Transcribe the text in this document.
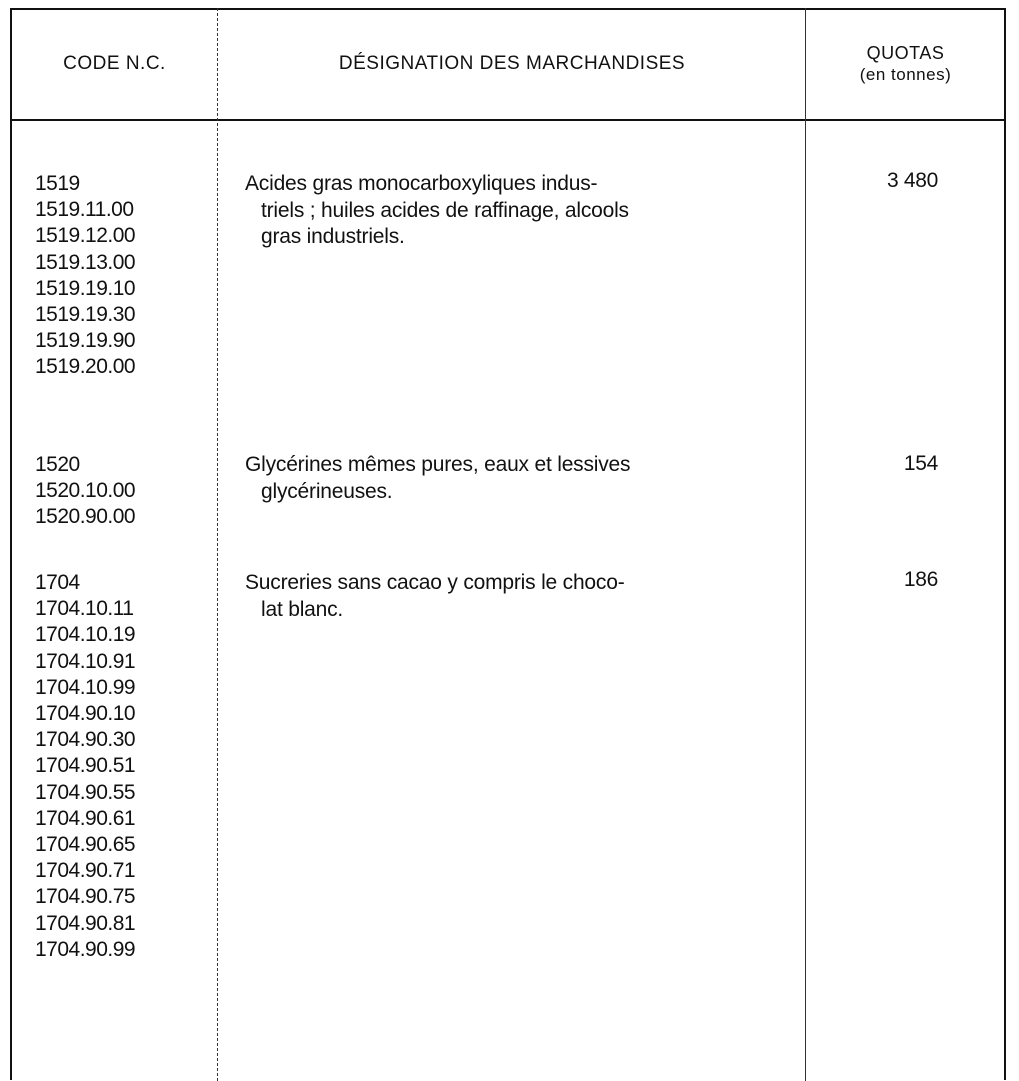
CODE N.C.	DÉSIGNATION DES MARCHANDISES	QUOTAS
(en tonnes)
1519
1519.11.00
1519.12.00
1519.13.00
1519.19.10
1519.19.30
1519.19.90
1519.20.00
Acides gras monocarboxyliques indus-
triels ; huiles acides de raffinage, alcools
gras industriels.
3 480
1520
1520.10.00
1520.90.00
Glycérines mêmes pures, eaux et lessives
glycérineuses.
154
1704
1704.10.11
1704.10.19
1704.10.91
1704.10.99
1704.90.10
1704.90.30
1704.90.51
1704.90.55
1704.90.61
1704.90.65
1704.90.71
1704.90.75
1704.90.81
1704.90.99
Sucreries sans cacao y compris le choco-
lat blanc.
186
